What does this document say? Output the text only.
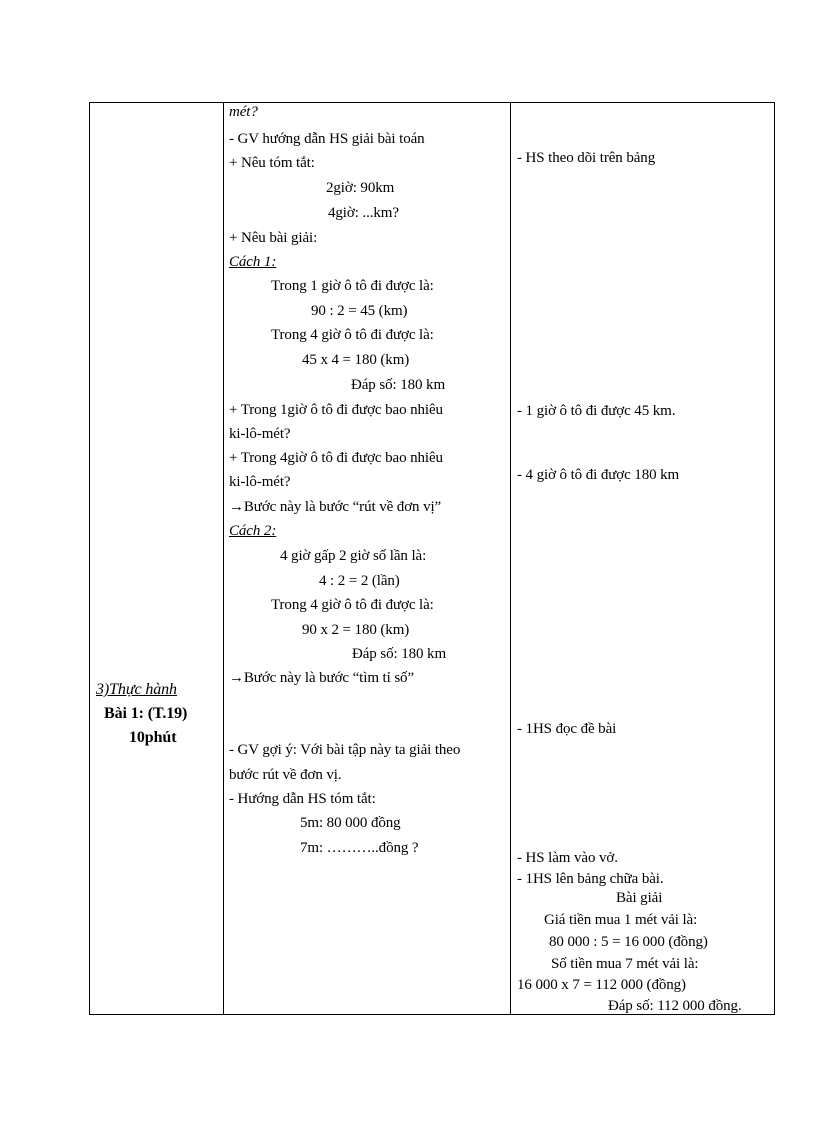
3)Thực hành
Bài 1: (T.19)
10phút
mét?
- GV hướng dẫn HS giải bài toán
+ Nêu tóm tắt:
2giờ: 90km
4giờ: ...km?
+ Nêu bài giải:
Cách 1:
Trong 1 giờ ô tô đi được là:
90 : 2 = 45 (km)
Trong 4 giờ ô tô đi được là:
45 x 4 = 180 (km)
Đáp số: 180 km
+ Trong 1giờ ô tô đi được bao nhiêu
ki-lô-mét?
+ Trong 4giờ ô tô đi được bao nhiêu
ki-lô-mét?
→Bước này là bước “rút về đơn vị”
Cách 2:
4 giờ gấp 2 giờ số lần là:
4 : 2 = 2 (lần)
Trong 4 giờ ô tô đi được là:
90 x 2 = 180 (km)
Đáp số: 180 km
→Bước này là bước “tìm tỉ số”
- GV gợi ý: Với bài tập này ta giải theo
bước rút về đơn vị.
- Hướng dẫn HS tóm tắt:
5m: 80 000 đồng
7m: ………..đồng ?
- HS theo dõi trên bảng
- 1 giờ ô tô đi được 45 km.
- 4 giờ ô tô đi được 180 km
- 1HS đọc đề bài
- HS làm vào vở.
- 1HS lên bảng chữa bài.
Bài giải
Giá tiền mua 1 mét vải là:
80 000 : 5 = 16 000 (đồng)
Số tiền mua 7 mét vải là:
16 000 x 7 = 112 000 (đồng)
Đáp số: 112 000 đồng.
